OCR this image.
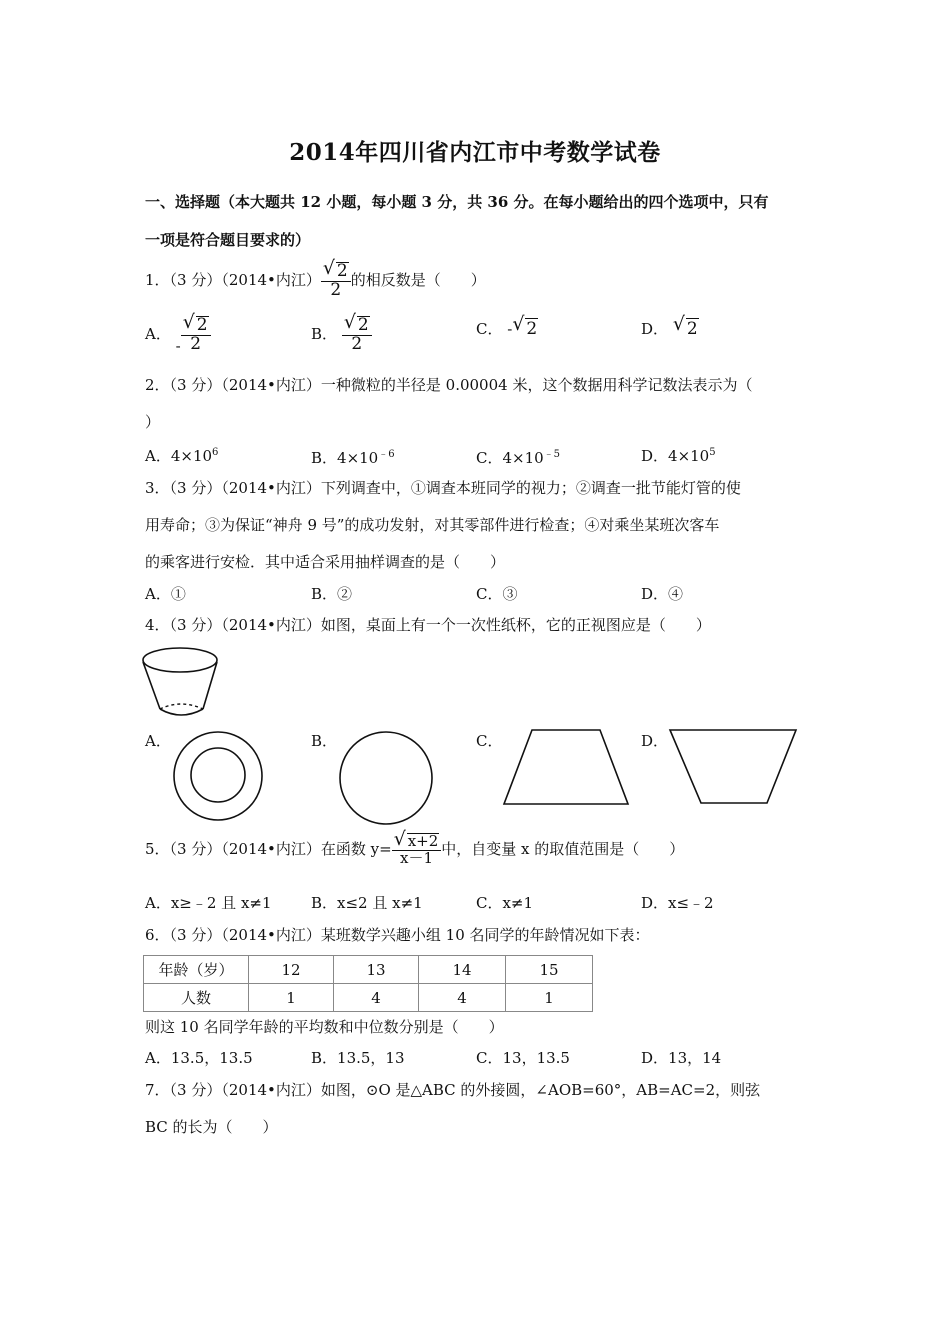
2014年四川省内江市中考数学试卷
一、选择题（本大题共 12 小题，每小题 3 分，共 36 分。在每小题给出的四个选项中，只有
一项是符合题目要求的）
1．（3 分）（2014•内江） $\frac{√ 2}{2}$ 的相反数是（　　）
A． - $\frac{√ 2}{2}$	B． $\frac{√ 2}{2}$	C． - √ 2	D． √ 2
2．（3 分）（2014•内江）一种微粒的半径是 0.00004 米，这个数据用科学记数法表示为（
）
A．$4\times 10^6$	B．$4\times 10^{﹣6}$	C．$4\times 10^{﹣5}$	D．$4\times 10^5$
3．（3 分）（2014•内江）下列调查中，①调查本班同学的视力；②调查一批节能灯管的使
用寿命；③为保证“神舟 9 号”的成功发射，对其零部件进行检查；④对乘坐某班次客车
的乘客进行安检．其中适合采用抽样调查的是（　　）
A．①	B．②	C．③	D．④
4．（3 分）（2014•内江）如图，桌面上有一个一次性纸杯，它的正视图应是（　　）
A．	B．	C．	D．
5．（3 分）（2014•内江）在函数 $y= \frac{√ x+2}{x-1}$ 中，自变量 x 的取值范围是（　　）
A．x≥﹣2 且 x≠1	B．x≤2 且 x≠1	C．x≠1	D．x≤﹣2
6．（3 分）（2014•内江）某班数学兴趣小组 10 名同学的年龄情况如下表：
年龄（岁）	12	13	14	15
人数	1	4	4	1
则这 10 名同学年龄的平均数和中位数分别是（　　）
A．13.5，13.5	B．13.5，13	C．13，13.5	D．13，14
7．（3 分）（2014•内江）如图，⊙O 是△ABC 的外接圆，∠AOB=60°，AB=AC=2，则弦
BC 的长为（　　）
